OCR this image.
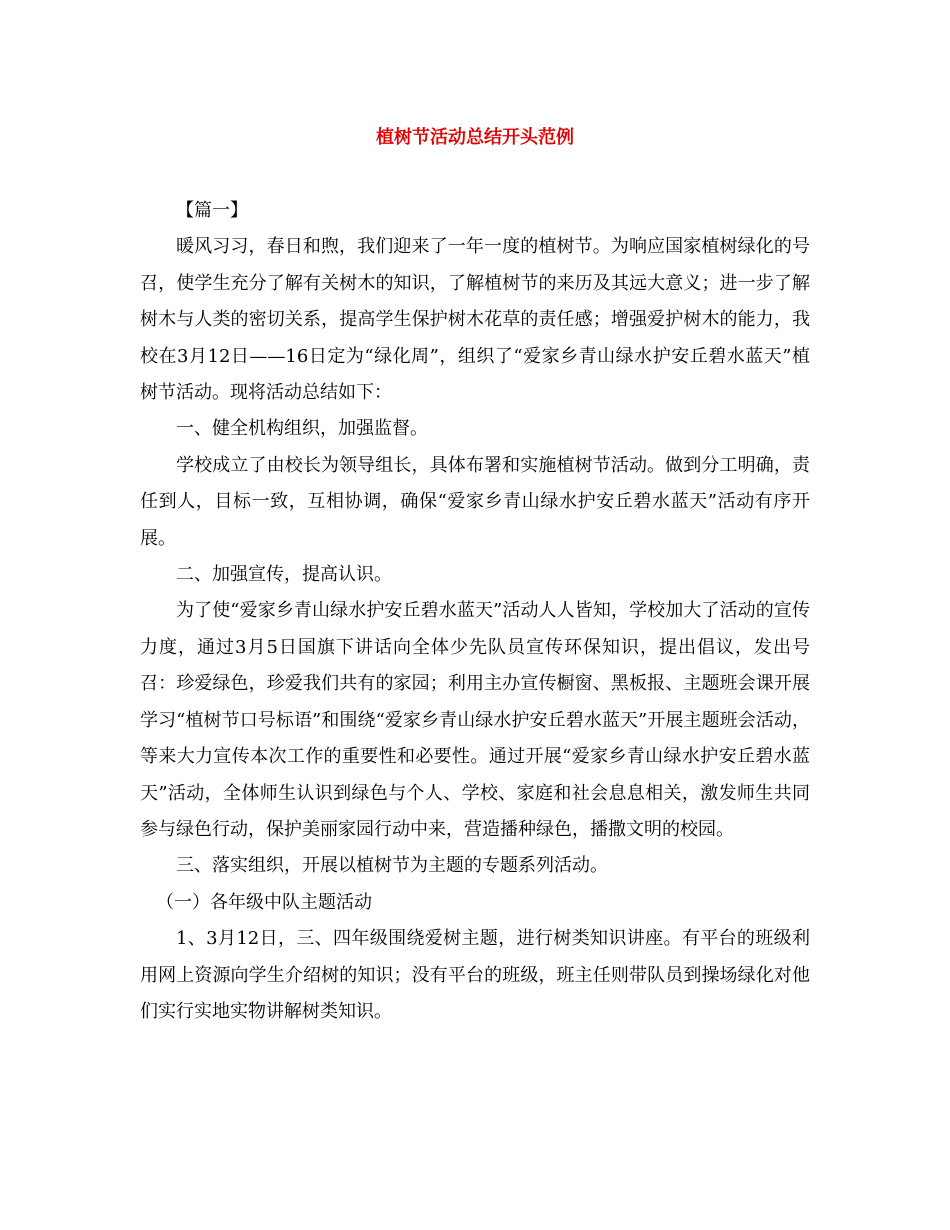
植树节活动总结开头范例

【篇一】

暖风习习，春日和煦，我们迎来了一年一度的植树节。为响应国家植树绿化的号召，使学生充分了解有关树木的知识，了解植树节的来历及其远大意义；进一步了解树木与人类的密切关系，提高学生保护树木花草的责任感；增强爱护树木的能力，我校在3月12日——16日定为“绿化周”，组织了“爱家乡青山绿水护安丘碧水蓝天”植树节活动。现将活动总结如下：

一、健全机构组织，加强监督。

学校成立了由校长为领导组长，具体布署和实施植树节活动。做到分工明确，责任到人，目标一致，互相协调，确保“爱家乡青山绿水护安丘碧水蓝天”活动有序开展。

二、加强宣传，提高认识。

为了使“爱家乡青山绿水护安丘碧水蓝天”活动人人皆知，学校加大了活动的宣传力度，通过3月5日国旗下讲话向全体少先队员宣传环保知识，提出倡议，发出号召：珍爱绿色，珍爱我们共有的家园；利用主办宣传橱窗、黑板报、主题班会课开展学习“植树节口号标语”和围绕“爱家乡青山绿水护安丘碧水蓝天”开展主题班会活动，等来大力宣传本次工作的重要性和必要性。通过开展“爱家乡青山绿水护安丘碧水蓝天”活动，全体师生认识到绿色与个人、学校、家庭和社会息息相关，激发师生共同参与绿色行动，保护美丽家园行动中来，营造播种绿色，播撒文明的校园。

三、落实组织，开展以植树节为主题的专题系列活动。

（一）各年级中队主题活动

1、3月12日，三、四年级围绕爱树主题，进行树类知识讲座。有平台的班级利用网上资源向学生介绍树的知识；没有平台的班级，班主任则带队员到操场绿化对他们实行实地实物讲解树类知识。
